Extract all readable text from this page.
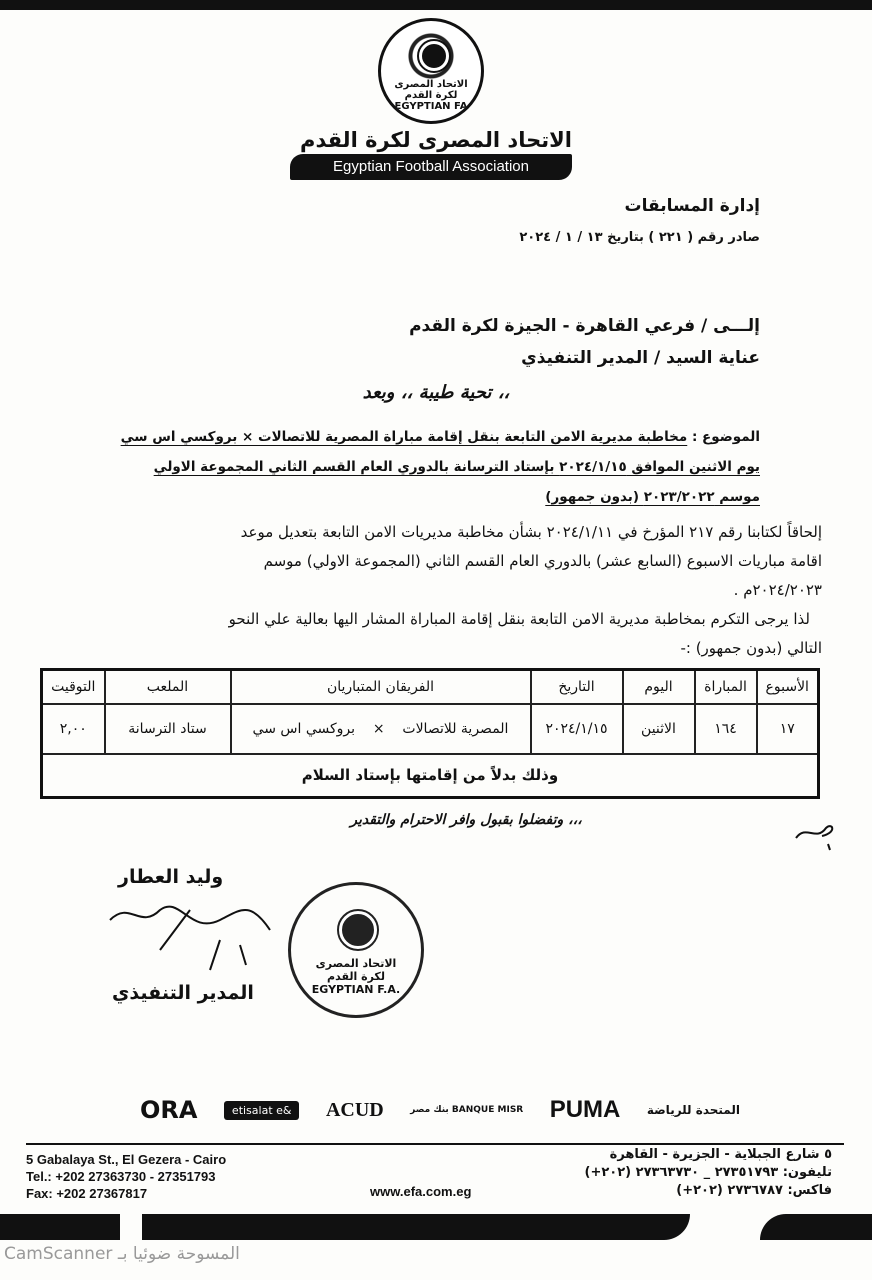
الاتحاد المصرى
لكرة القدم
EGYPTIAN FA
الاتحاد المصرى لكرة القدم
Egyptian Football Association
إدارة المسابقات
صادر رقم ( ٢٢١ ) بتاريخ ١٣ / ١ / ٢٠٢٤
إلـــى / فرعي القاهرة - الجيزة لكرة القدم
عناية السيد / المدير التنفيذي
تحية طيبة ،، وبعد ،،
الموضوع : مخاطبة مديرية الامن التابعة بنقل إقامة مباراة المصرية للاتصالات × بروكسي اس سي
يوم الاثنين الموافق ٢٠٢٤/١/١٥ بإستاد الترسانة بالدوري العام القسم الثاني المجموعة الاولي
موسم ٢٠٢٣/٢٠٢٢ (بدون جمهور)
إلحاقاً لكتابنا رقم ٢١٧ المؤرخ في ٢٠٢٤/١/١١ بشأن مخاطبة مديريات الامن التابعة بتعديل موعد
اقامة مباريات الاسبوع (السابع عشر) بالدوري العام القسم الثاني (المجموعة الاولي) موسم
٢٠٢٤/٢٠٢٣م .
لذا يرجى التكرم بمخاطبة مديرية الامن التابعة بنقل إقامة المباراة المشار اليها بعالية علي النحو
التالي (بدون جمهور) :-
الأسبوع	المباراة	اليوم	التاريخ	الفريقان المتباريان	الملعب	التوقيت
١٧	١٦٤	الاثنين	٢٠٢٤/١/١٥	المصرية للاتصالات    ×    بروكسي اس سي	ستاد الترسانة	٢,٠٠
وذلك بدلاً من إقامتها بإستاد السلام						
وتفضلوا بقبول وافر الاحترام والتقدير ،،،
وليد العطار
الاتحاد المصرى
لكرة القدم
EGYPTIAN F.A.
المدير التنفيذي
ORA	etisalat e&	ACUD	بنك مصر BANQUE MISR PUMA المتحدة للرياضة
5 Gabalaya St., El Gezera - Cairo
Tel.: +202 27363730 - 27351793
Fax: +202 27367817	www.efa.com.eg
٥ شارع الجبلاية - الجزيرة - القاهرة
تليفون: ٢٧٣٥١٧٩٣ _ ٢٧٣٦٣٧٣٠ (٢٠٢+)
فاكس: ٢٧٣٦٧٨٧ (٢٠٢+)
CamScanner المسوحة ضوئيا بـ
